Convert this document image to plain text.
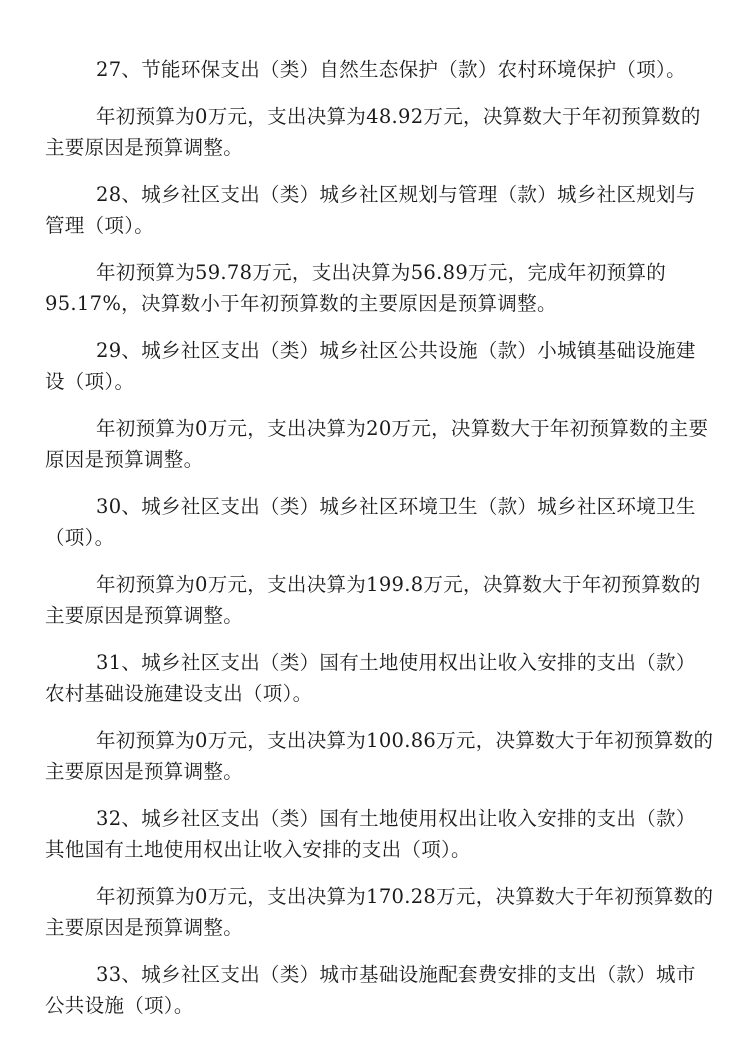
27、节能环保支出（类）自然生态保护（款）农村环境保护（项）。
年初预算为0万元，支出决算为48.92万元，决算数大于年初预算数的
主要原因是预算调整。
28、城乡社区支出（类）城乡社区规划与管理（款）城乡社区规划与
管理（项）。
年初预算为59.78万元，支出决算为56.89万元，完成年初预算的
95.17%，决算数小于年初预算数的主要原因是预算调整。
29、城乡社区支出（类）城乡社区公共设施（款）小城镇基础设施建
设（项）。
年初预算为0万元，支出决算为20万元，决算数大于年初预算数的主要
原因是预算调整。
30、城乡社区支出（类）城乡社区环境卫生（款）城乡社区环境卫生
（项）。
年初预算为0万元，支出决算为199.8万元，决算数大于年初预算数的
主要原因是预算调整。
31、城乡社区支出（类）国有土地使用权出让收入安排的支出（款）
农村基础设施建设支出（项）。
年初预算为0万元，支出决算为100.86万元，决算数大于年初预算数的
主要原因是预算调整。
32、城乡社区支出（类）国有土地使用权出让收入安排的支出（款）
其他国有土地使用权出让收入安排的支出（项）。
年初预算为0万元，支出决算为170.28万元，决算数大于年初预算数的
主要原因是预算调整。
33、城乡社区支出（类）城市基础设施配套费安排的支出（款）城市
公共设施（项）。
